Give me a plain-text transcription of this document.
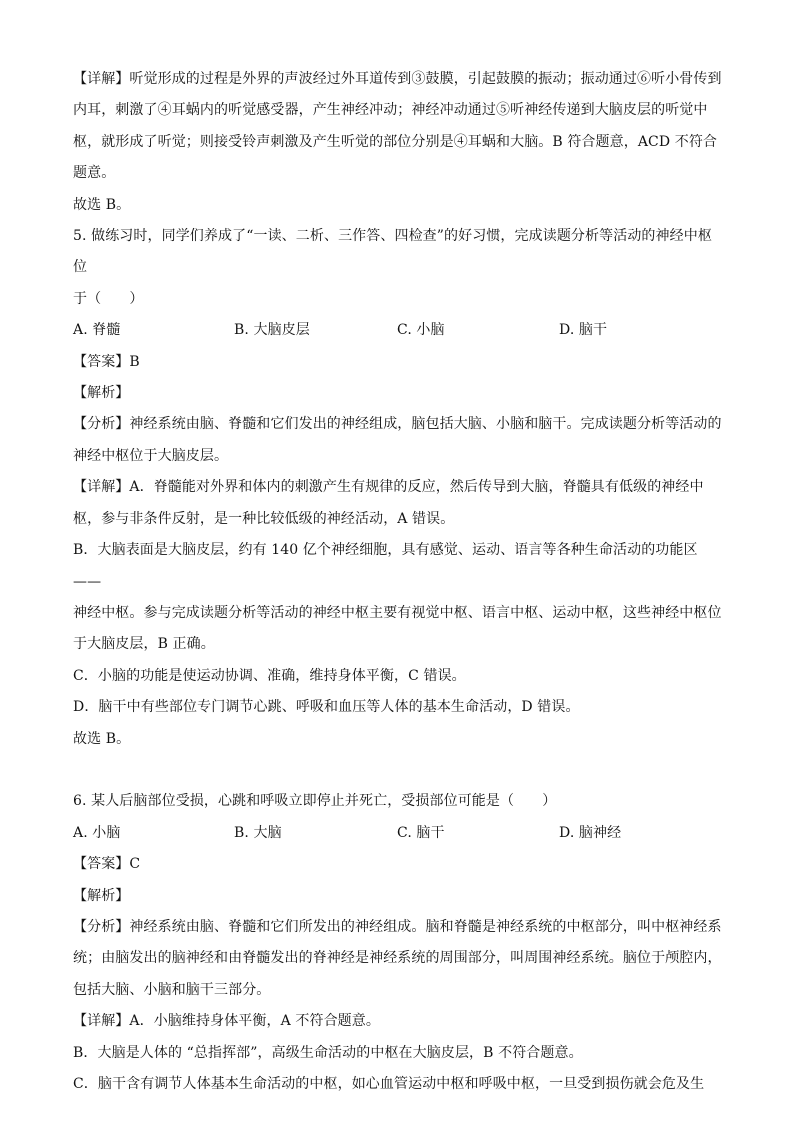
【详解】听觉形成的过程是外界的声波经过外耳道传到③鼓膜，引起鼓膜的振动；振动通过⑥听小骨传到

内耳，刺激了④耳蜗内的听觉感受器，产生神经冲动；神经冲动通过⑤听神经传递到大脑皮层的听觉中

枢，就形成了听觉；则接受铃声刺激及产生听觉的部位分别是④耳蜗和大脑。B 符合题意，ACD 不符合

题意。

故选 B。

5. 做练习时，同学们养成了“一读、二析、三作答、四检查”的好习惯，完成读题分析等活动的神经中枢位

于（　　）

A. 脊髓	B. 大脑皮层	C. 小脑	D. 脑干

【答案】B

【解析】

【分析】神经系统由脑、脊髓和它们发出的神经组成，脑包括大脑、小脑和脑干。完成读题分析等活动的

神经中枢位于大脑皮层。

【详解】A．脊髓能对外界和体内的刺激产生有规律的反应，然后传导到大脑，脊髓具有低级的神经中

枢，参与非条件反射，是一种比较低级的神经活动，A 错误。

B．大脑表面是大脑皮层，约有 140 亿个神经细胞，具有感觉、运动、语言等各种生命活动的功能区——

神经中枢。参与完成读题分析等活动的神经中枢主要有视觉中枢、语言中枢、运动中枢，这些神经中枢位

于大脑皮层，B 正确。

C．小脑的功能是使运动协调、准确，维持身体平衡，C 错误。

D．脑干中有些部位专门调节心跳、呼吸和血压等人体的基本生命活动，D 错误。

故选 B。

6. 某人后脑部位受损，心跳和呼吸立即停止并死亡，受损部位可能是（　　）

A. 小脑	B. 大脑	C. 脑干	D. 脑神经

【答案】C

【解析】

【分析】神经系统由脑、脊髓和它们所发出的神经组成。脑和脊髓是神经系统的中枢部分，叫中枢神经系

统；由脑发出的脑神经和由脊髓发出的脊神经是神经系统的周围部分，叫周围神经系统。脑位于颅腔内，

包括大脑、小脑和脑干三部分。

【详解】A．小脑维持身体平衡，A 不符合题意。

B．大脑是人体的 “总指挥部”，高级生命活动的中枢在大脑皮层，B 不符合题意。

C．脑干含有调节人体基本生命活动的中枢，如心血管运动中枢和呼吸中枢，一旦受到损伤就会危及生
